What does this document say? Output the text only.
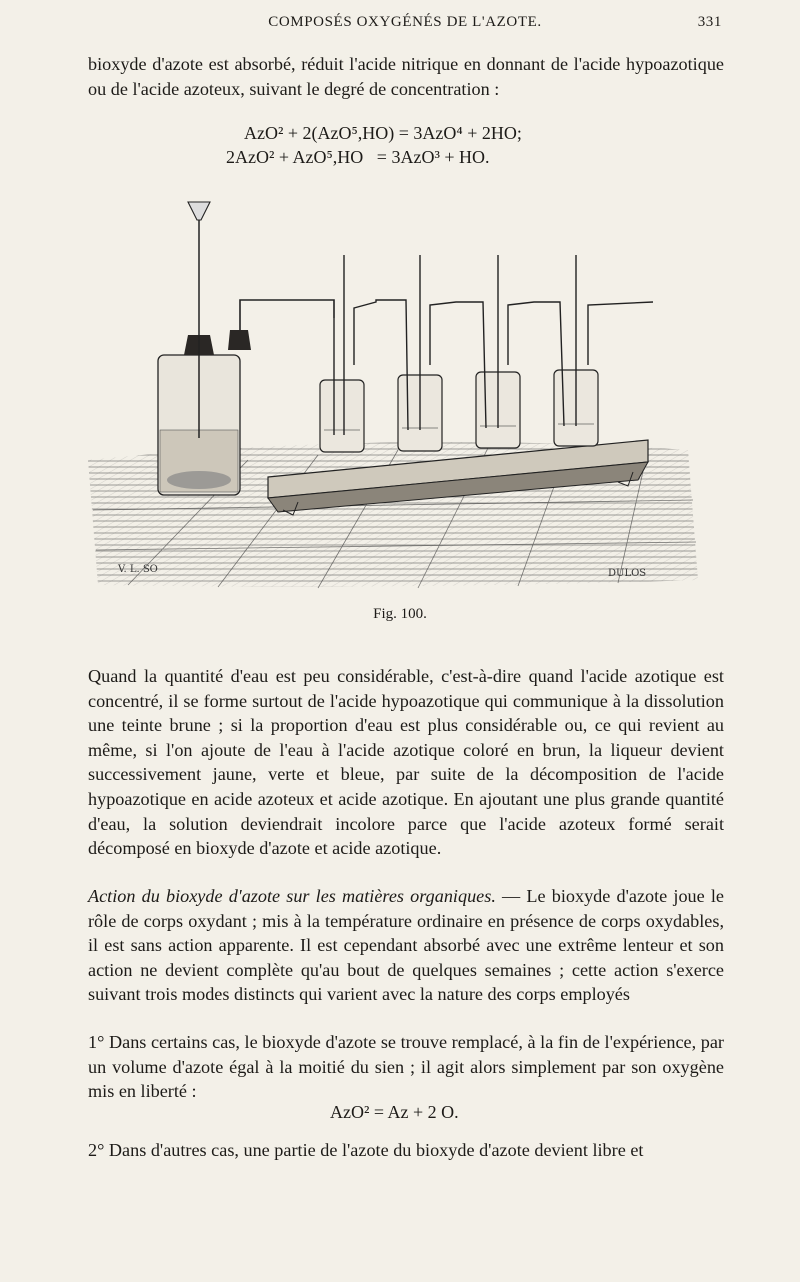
COMPOSÉS OXYGÉNÉS DE L'AZOTE.	331

bioxyde d'azote est absorbé, réduit l'acide nitrique en donnant de l'acide hypoazotique ou de l'acide azoteux, suivant le degré de concentration :

AzO² + 2(AzO⁵,HO) = 3AzO⁴ + 2HO;
2AzO² + AzO⁵,HO   = 3AzO³ + HO.
V. L. SO	DULOS
Fig. 100.

Quand la quantité d'eau est peu considérable, c'est-à-dire quand l'acide azotique est concentré, il se forme surtout de l'acide hypoazotique qui communique à la dissolution une teinte brune ; si la proportion d'eau est plus considérable ou, ce qui revient au même, si l'on ajoute de l'eau à l'acide azotique coloré en brun, la liqueur devient successivement jaune, verte et bleue, par suite de la décomposition de l'acide hypoazotique en acide azoteux et acide azotique. En ajoutant une plus grande quantité d'eau, la solution deviendrait incolore parce que l'acide azoteux formé serait décomposé en bioxyde d'azote et acide azotique.

Action du bioxyde d'azote sur les matières organiques. — Le bioxyde d'azote joue le rôle de corps oxydant ; mis à la température ordinaire en présence de corps oxydables, il est sans action apparente. Il est cependant absorbé avec une extrême lenteur et son action ne devient complète qu'au bout de quelques semaines ; cette action s'exerce suivant trois modes distincts qui varient avec la nature des corps employés

1° Dans certains cas, le bioxyde d'azote se trouve remplacé, à la fin de l'expérience, par un volume d'azote égal à la moitié du sien ; il agit alors simplement par son oxygène mis en liberté :

AzO² = Az + 2 O.

2° Dans d'autres cas, une partie de l'azote du bioxyde d'azote devient libre et
